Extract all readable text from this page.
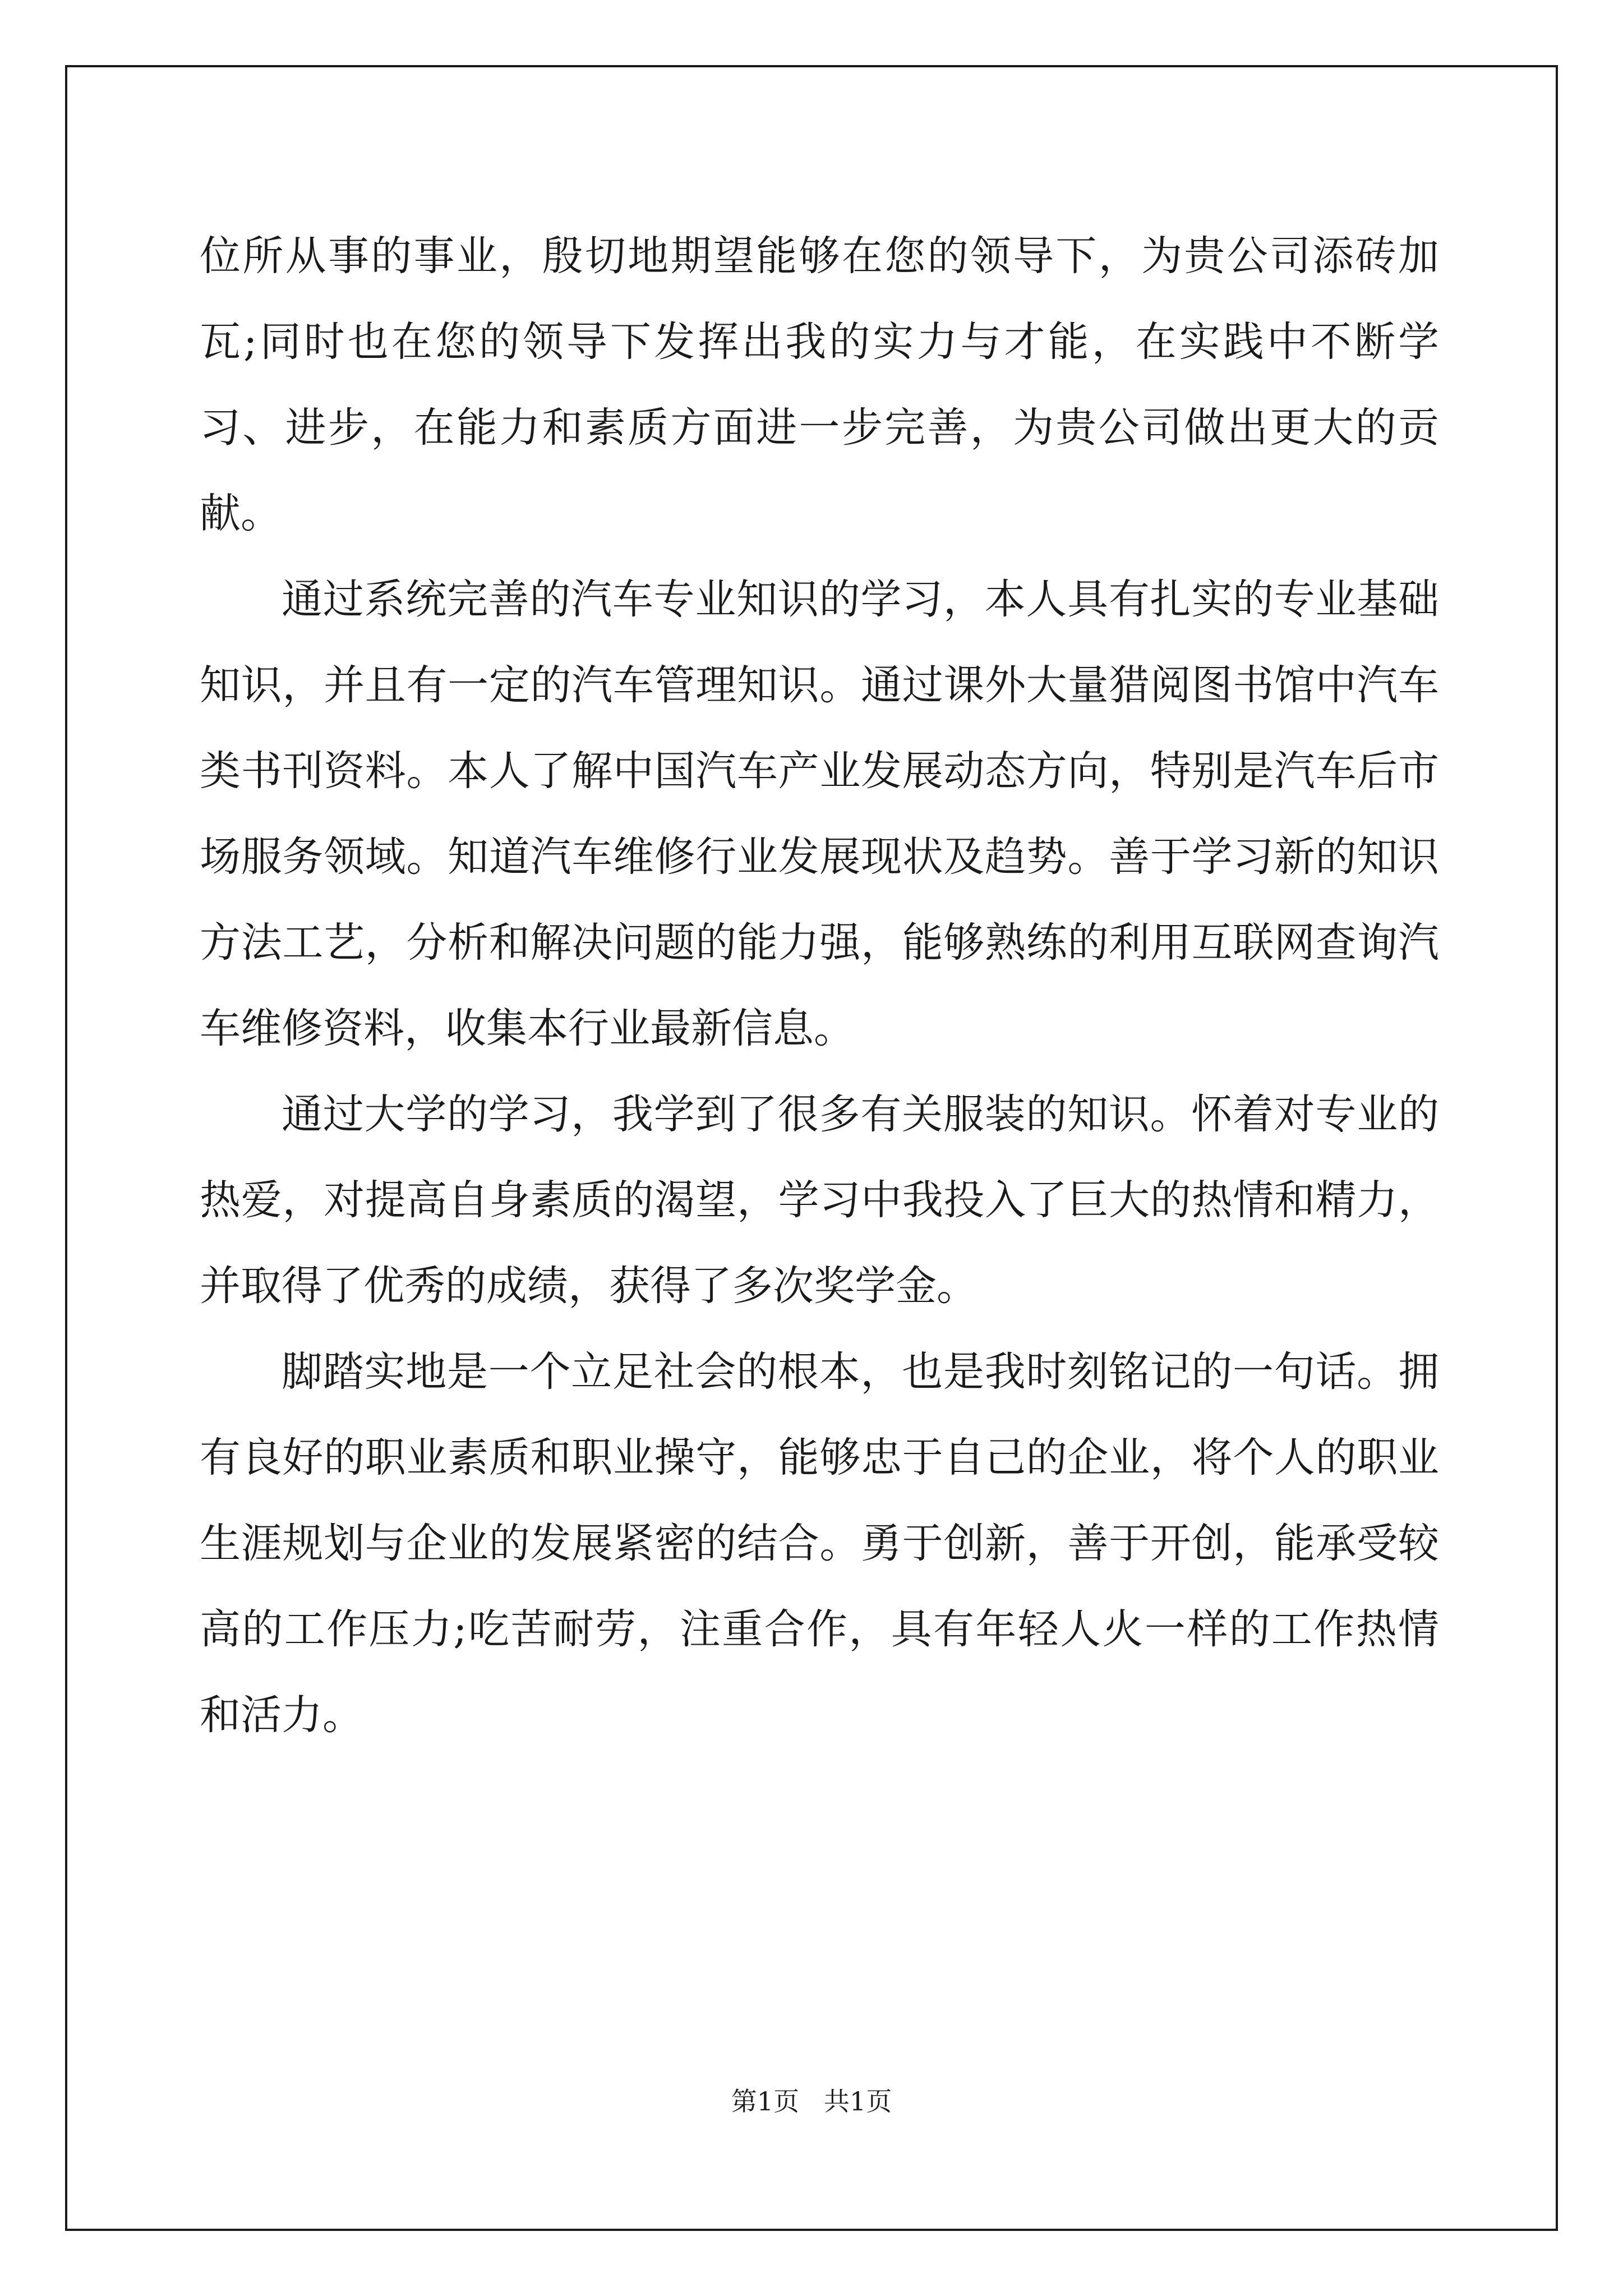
位所从事的事业，殷切地期望能够在您的领导下，为贵公司添砖加瓦;同时也在您的领导下发挥出我的实力与才能，在实践中不断学习、进步，在能力和素质方面进一步完善，为贵公司做出更大的贡献。

通过系统完善的汽车专业知识的学习，本人具有扎实的专业基础知识，并且有一定的汽车管理知识。通过课外大量猎阅图书馆中汽车类书刊资料。本人了解中国汽车产业发展动态方向，特别是汽车后市场服务领域。知道汽车维修行业发展现状及趋势。善于学习新的知识方法工艺，分析和解决问题的能力强，能够熟练的利用互联网查询汽车维修资料，收集本行业最新信息。

通过大学的学习，我学到了很多有关服装的知识。怀着对专业的热爱，对提高自身素质的渴望，学习中我投入了巨大的热情和精力，并取得了优秀的成绩，获得了多次奖学金。

脚踏实地是一个立足社会的根本，也是我时刻铭记的一句话。拥有良好的职业素质和职业操守，能够忠于自己的企业，将个人的职业生涯规划与企业的发展紧密的结合。勇于创新，善于开创，能承受较高的工作压力;吃苦耐劳，注重合作，具有年轻人火一样的工作热情和活力。

第1页   共1页
